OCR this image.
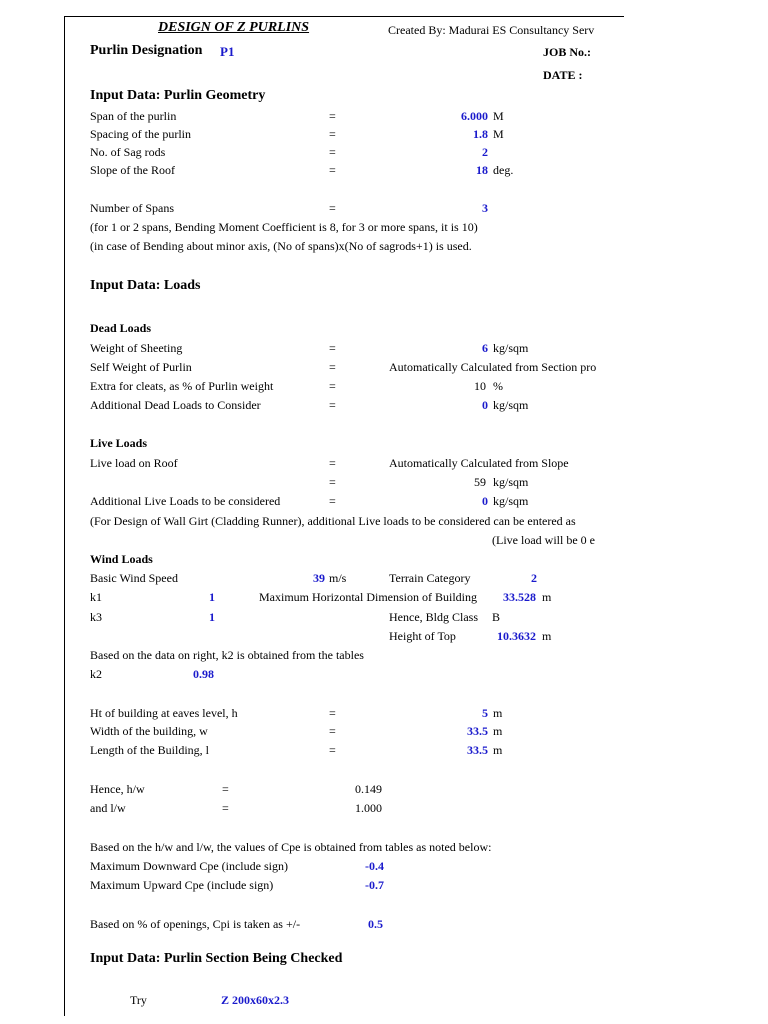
DESIGN OF Z PURLINS	Created By: Madurai ES Consultancy Serv
Purlin Designation P1	JOB No.:
DATE :
Input Data: Purlin Geometry
Span of the purlin	=	6.000 M
Spacing of the purlin	=	1.8 M
No. of Sag rods	=	2
Slope of the Roof	=	18 deg.
Number of Spans	=	3
(for 1 or 2 spans, Bending Moment Coefficient is 8, for 3 or more spans, it is 10)
(in case of Bending about minor axis, (No of spans)x(No of sagrods+1) is used.
Input Data: Loads
Dead Loads
Weight of Sheeting	=	6 kg/sqm
Self Weight of Purlin	=	Automatically Calculated from Section pro
Extra for cleats, as % of Purlin weight	=	10 %
Additional Dead Loads to Consider	=	0 kg/sqm
Live Loads
Live load on Roof	=	Automatically Calculated from Slope
=	59 kg/sqm
Additional Live Loads to be considered	=	0 kg/sqm
(For Design of Wall Girt (Cladding Runner), additional Live loads to be considered can be entered as
(Live load will be 0 e
Wind Loads
Basic Wind Speed	39 m/s	Terrain Category	2
k1	1	Maximum Horizontal Dimension of Building 33.528 m
k3	1	Hence, Bldg Class B
Height of Top	10.3632 m
Based on the data on right, k2 is obtained from the tables
k2	0.98
Ht of building at eaves level, h	=	5 m
Width of the building, w	=	33.5 m
Length of the Building, l	=	33.5 m
Hence, h/w	=	0.149
and l/w	=	1.000
Based on the h/w and l/w, the values of Cpe is obtained from tables as noted below:
Maximum Downward Cpe (include sign)	-0.4
Maximum Upward Cpe (include sign)	-0.7
Based on % of openings, Cpi is taken as +/-	0.5
Input Data: Purlin Section Being Checked
Try	Z 200x60x2.3
